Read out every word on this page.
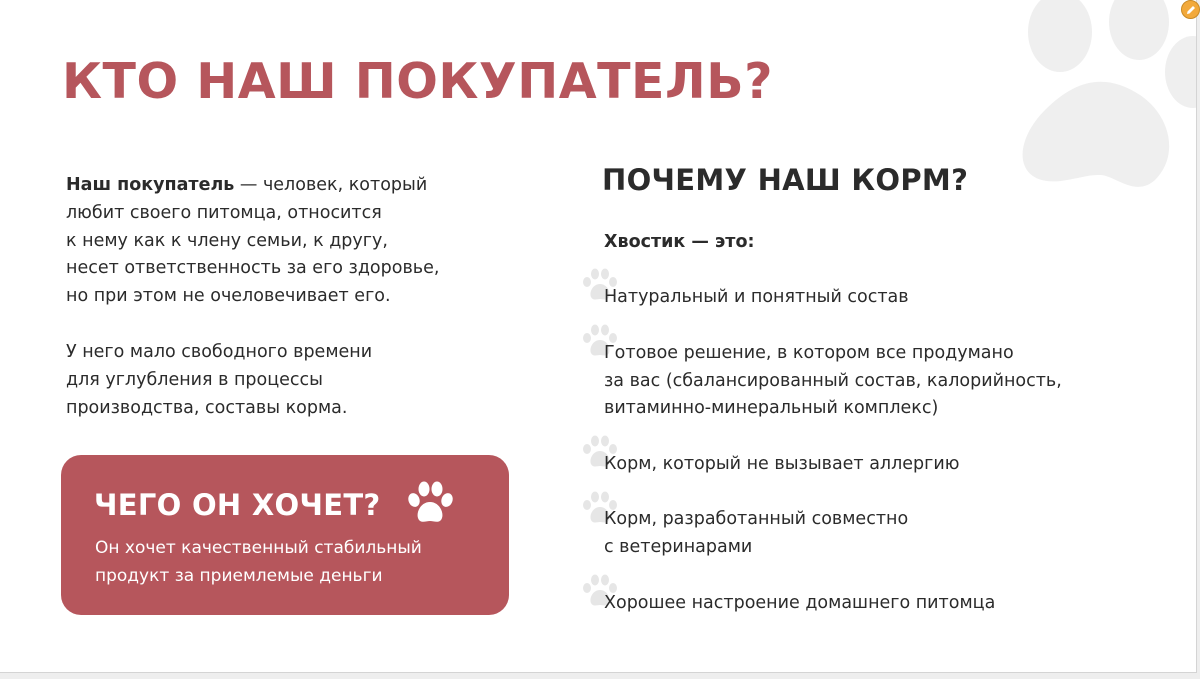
КТО НАШ ПОКУПАТЕЛЬ?

Наш покупатель — человек, который
любит своего питомца, относится
к нему как к члену семьи, к другу,
несет ответственность за его здоровье,
но при этом не очеловечивает его.

У него мало свободного времени
для углубления в процессы
производства, составы корма.

ЧЕГО ОН ХОЧЕТ?
Он хочет качественный стабильный
продукт за приемлемые деньги
ПОЧЕМУ НАШ КОРМ?
Хвостик — это:
Натуральный и понятный состав
Готовое решение, в котором все продумано
за вас (сбалансированный состав, калорийность,
витаминно-минеральный комплекс)
Корм, который не вызывает аллергию
Корм, разработанный совместно
с ветеринарами
Хорошее настроение домашнего питомца
